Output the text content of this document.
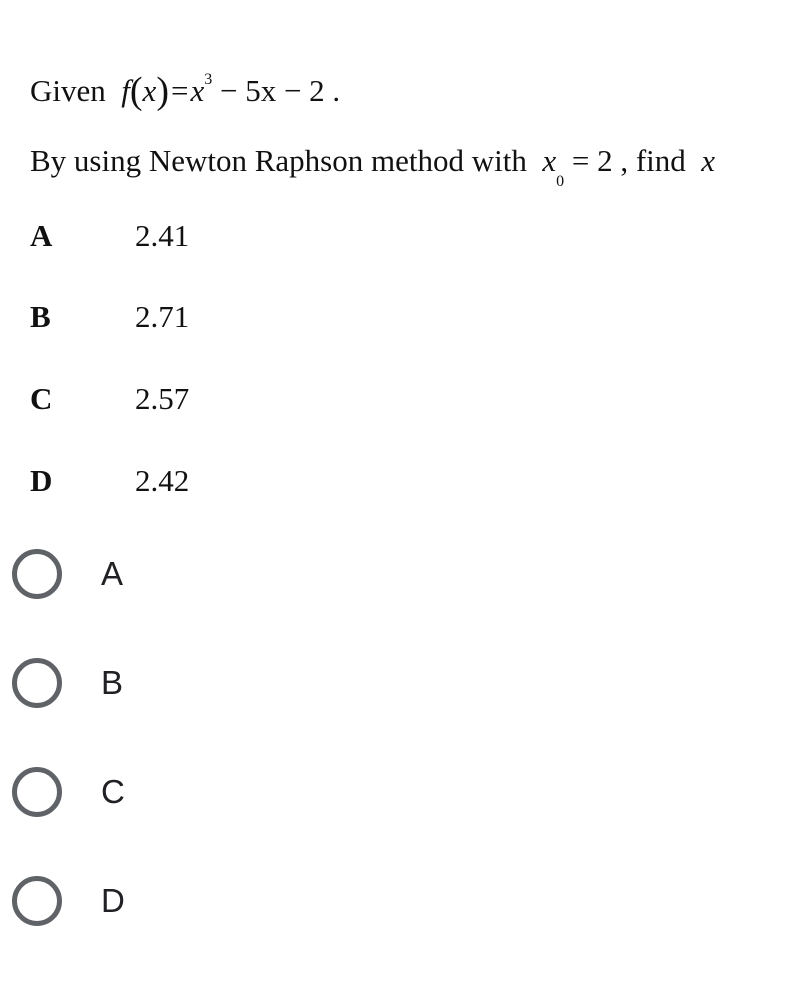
Given $f(x)=x^3 - 5x - 2$ .
By using Newton Raphson method with $x_0 = 2$ , find x
A	2.41
B	2.71
C	2.57
D	2.42
A
B
C
D
